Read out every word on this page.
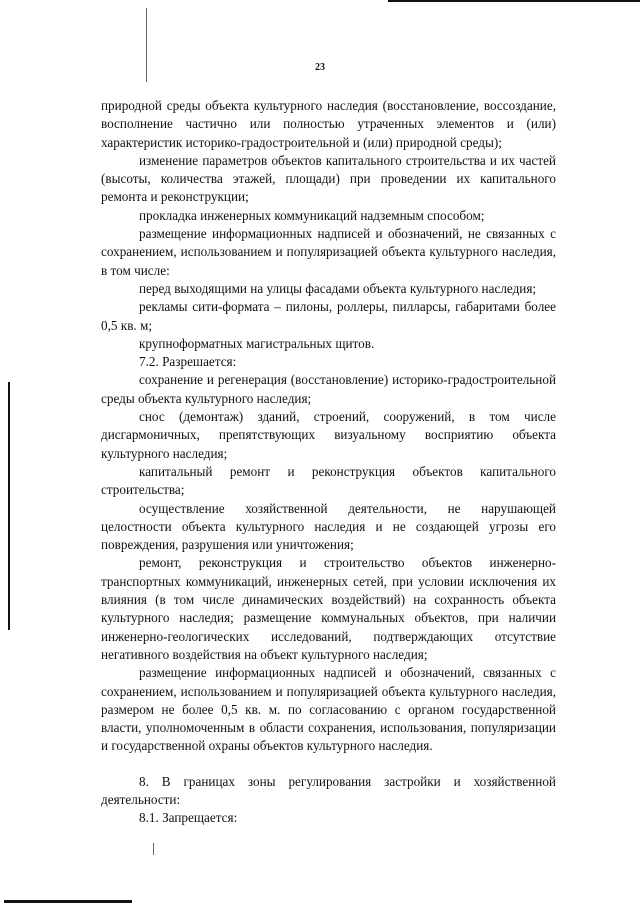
23

природной среды объекта культурного наследия (восстановление, воссоздание, восполнение частично или полностью утраченных элементов и (или) характеристик историко-градостроительной и (или) природной среды);

изменение параметров объектов капитального строительства и их частей (высоты, количества этажей, площади) при проведении их капитального ремонта и реконструкции;

прокладка инженерных коммуникаций надземным способом;

размещение информационных надписей и обозначений, не связанных с сохранением, использованием и популяризацией объекта культурного наследия, в том числе:

перед выходящими на улицы фасадами объекта культурного наследия;

рекламы сити-формата – пилоны, роллеры, пилларсы, габаритами более 0,5 кв. м;

крупноформатных магистральных щитов.

7.2. Разрешается:

сохранение и регенерация (восстановление) историко-градостроительной среды объекта культурного наследия;

снос (демонтаж) зданий, строений, сооружений, в том числе дисгармоничных, препятствующих визуальному восприятию объекта культурного наследия;

капитальный ремонт и реконструкция объектов капитального строительства;

осуществление хозяйственной деятельности, не нарушающей целостности объекта культурного наследия и не создающей угрозы его повреждения, разрушения или уничтожения;

ремонт, реконструкция и строительство объектов инженерно-транспортных коммуникаций, инженерных сетей, при условии исключения их влияния (в том числе динамических воздействий) на сохранность объекта культурного наследия; размещение коммунальных объектов, при наличии инженерно-геологических исследований, подтверждающих отсутствие негативного воздействия на объект культурного наследия;

размещение информационных надписей и обозначений, связанных с сохранением, использованием и популяризацией объекта культурного наследия, размером не более 0,5 кв. м. по согласованию с органом государственной власти, уполномоченным в области сохранения, использования, популяризации и государственной охраны объектов культурного наследия.

8. В границах зоны регулирования застройки и хозяйственной деятельности:

8.1. Запрещается:
